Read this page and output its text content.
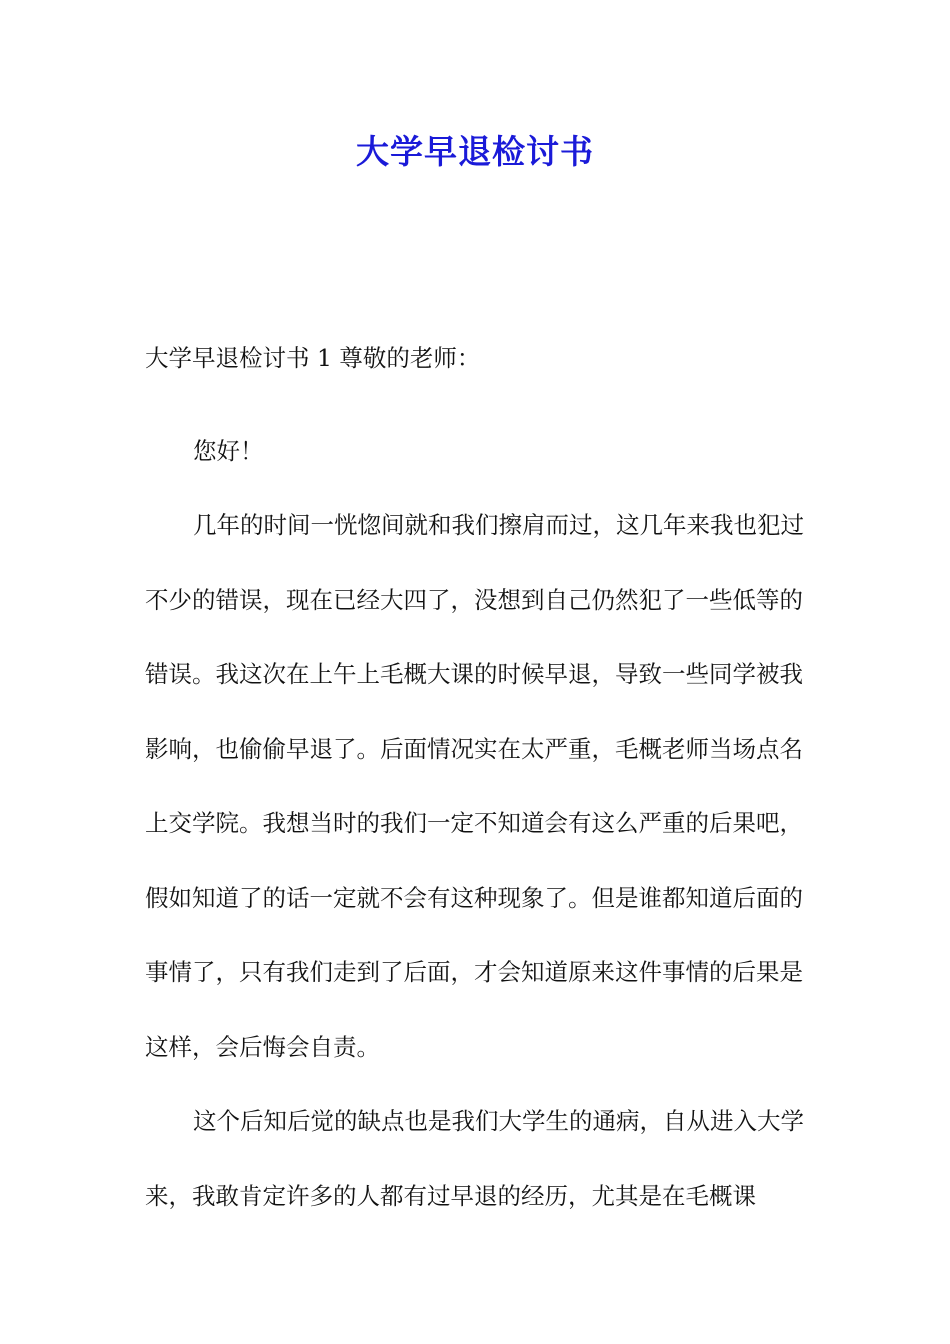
大学早退检讨书

大学早退检讨书 1 尊敬的老师：

您好！

几年的时间一恍惚间就和我们擦肩而过，这几年来我也犯过不少的错误，现在已经大四了，没想到自己仍然犯了一些低等的错误。我这次在上午上毛概大课的时候早退，导致一些同学被我影响，也偷偷早退了。后面情况实在太严重，毛概老师当场点名上交学院。我想当时的我们一定不知道会有这么严重的后果吧，假如知道了的话一定就不会有这种现象了。但是谁都知道后面的事情了，只有我们走到了后面，才会知道原来这件事情的后果是这样，会后悔会自责。

这个后知后觉的缺点也是我们大学生的通病，自从进入大学来，我敢肯定许多的人都有过早退的经历，尤其是在毛概课
